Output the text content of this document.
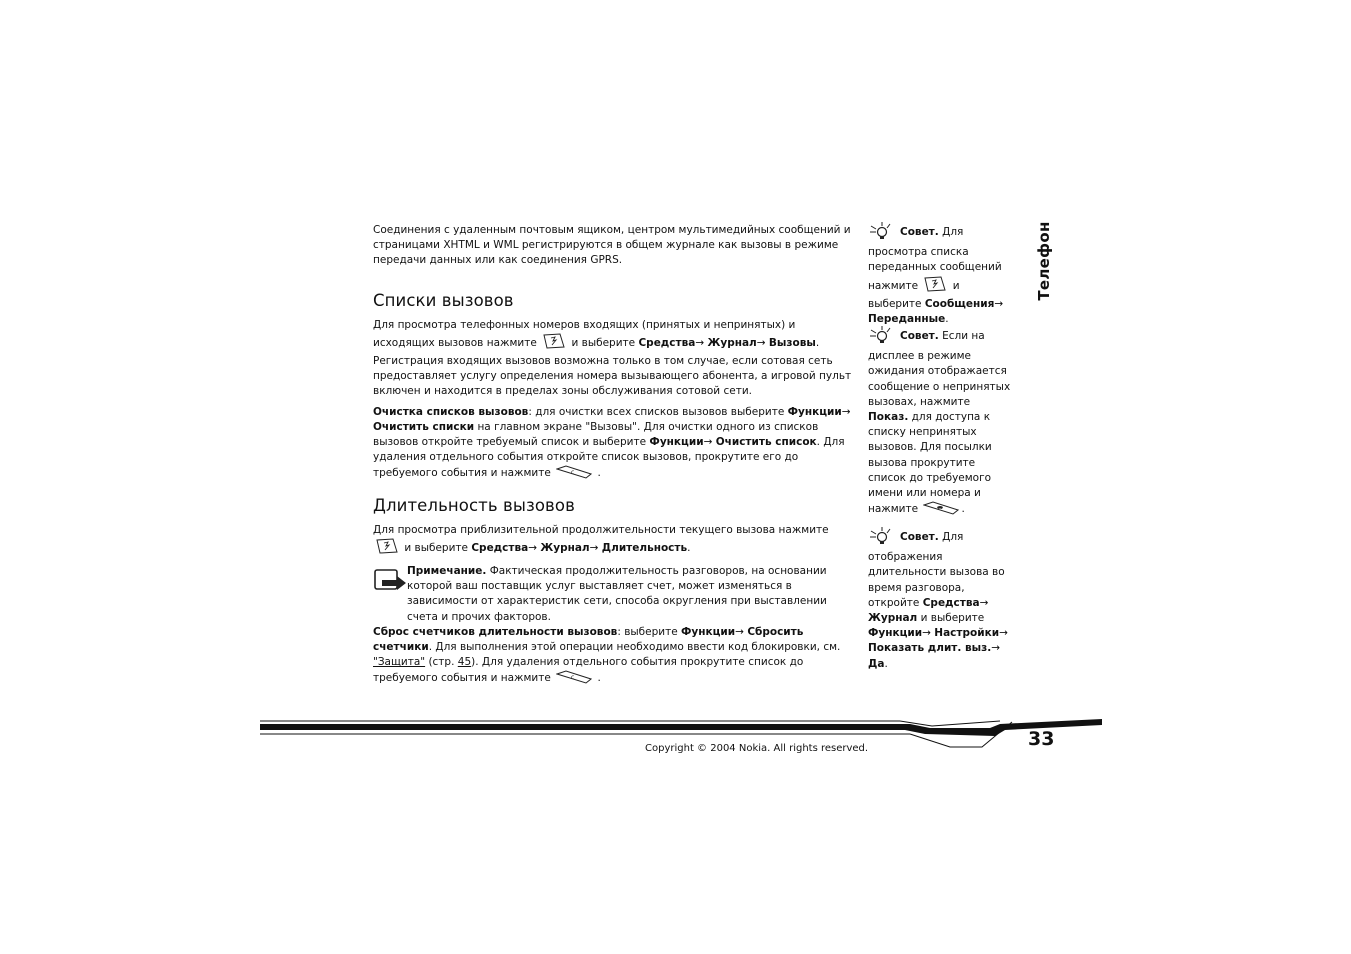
Соединения с удаленным почтовым ящиком, центром мультимедийных сообщений и страницами XHTML и WML регистрируются в общем журнале как вызовы в режиме передачи данных или как соединения GPRS.

Списки вызовов

Для просмотра телефонных номеров входящих (принятых и непринятых) и исходящих вызовов нажмите	и выберите Средства→ Журнал→ Вызовы. Регистрация входящих вызовов возможна только в том случае, если сотовая сеть предоставляет услугу определения номера вызывающего абонента, а игровой пульт включен и находится в пределах зоны обслуживания сотовой сети.

Очистка списков вызовов: для очистки всех списков вызовов выберите Функции→ Очистить списки на главном экране "Вызовы". Для очистки одного из списков вызовов откройте требуемый список и выберите Функции→ Очистить список. Для удаления отдельного события откройте список вызовов, прокрутите его до требуемого события и нажмите	c .

Длительность вызовов

Для просмотра приблизительной продолжительности текущего вызова нажмите  и выберите Средства→ Журнал→ Длительность.

Примечание. Фактическая продолжительность разговоров, на основании которой ваш поставщик услуг выставляет счет, может изменяться в зависимости от характеристик сети, способа округления при выставлении счета и прочих факторов.

Сброс счетчиков длительности вызовов: выберите Функции→ Сбросить счетчики. Для выполнения этой операции необходимо ввести код блокировки, см. "Защита" (стр. 45). Для удаления отдельного события прокрутите список до требуемого события и нажмите	c .

Совет. Для просмотра списка переданных сообщений нажмите	и выберите Сообщения→ Переданные.
Совет. Если на дисплее в режиме ожидания отображается сообщение о непринятых вызовах, нажмите Показ. для доступа к списку непринятых вызовов. Для посылки вызова прокрутите список до требуемого имени или номера и нажмите	.
Совет. Для отображения длительности вызова во время разговора, откройте Средства→ Журнал и выберите Функции→ Настройки→ Показать длит. выз.→ Да.
Телефон
33
Copyright © 2004 Nokia. All rights reserved.
